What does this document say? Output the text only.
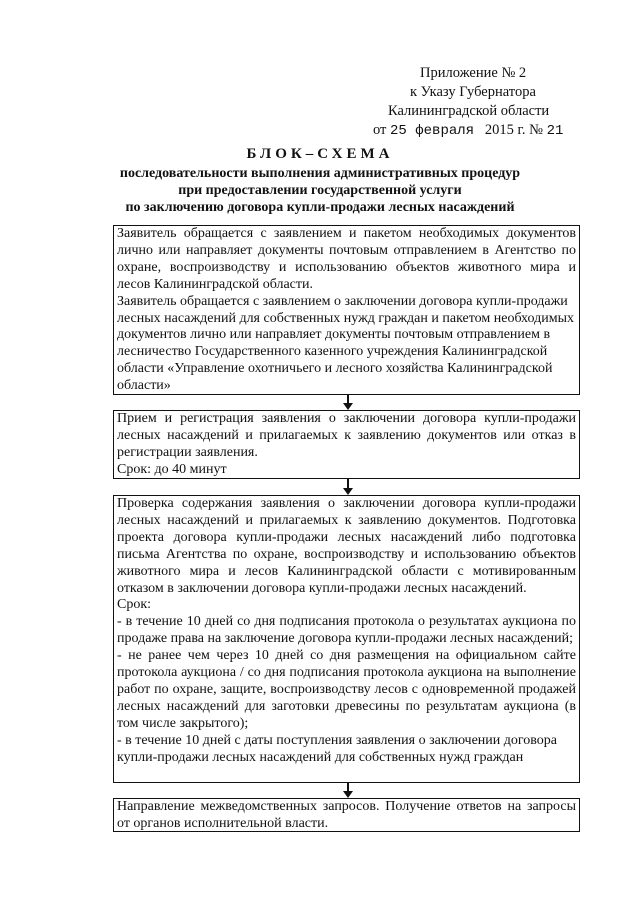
Приложение № 2
к Указу Губернатора
Калининградской области
от 25 февраля 2015 г. № 21
БЛОК–СХЕМА
последовательности выполнения административных процедур
при предоставлении государственной услуги
по заключению договора купли-продажи лесных насаждений

Заявитель обращается с заявлением и пакетом необходимых документов лично или направляет документы почтовым отправлением в Агентство по охране, воспроизводству и использованию объектов животного мира и лесов Калининградской области.

Заявитель обращается с заявлением о заключении договора купли-продажи лесных насаждений для собственных нужд граждан и пакетом необходимых документов лично или направляет документы почтовым отправлением в лесничество Государственного казенного учреждения Калининградской области «Управление охотничьего и лесного хозяйства Калининградской области»

Прием и регистрация заявления о заключении договора купли-продажи лесных насаждений и прилагаемых к заявлению документов или отказ в регистрации заявления.

Срок: до 40 минут

Проверка содержания заявления о заключении договора купли-продажи лесных насаждений и прилагаемых к заявлению документов. Подготовка проекта договора купли-продажи лесных насаждений либо подготовка письма Агентства по охране, воспроизводству и использованию объектов животного мира и лесов Калининградской области с мотивированным отказом в заключении договора купли-продажи лесных насаждений.

Срок:

- в течение 10 дней со дня подписания протокола о результатах аукциона по продаже права на заключение договора купли-продажи лесных насаждений;

- не ранее чем через 10 дней со дня размещения на официальном сайте протокола аукциона / со дня подписания протокола аукциона на выполнение работ по охране, защите, воспроизводству лесов с одновременной продажей лесных насаждений для заготовки древесины по результатам аукциона (в том числе закрытого);

- в течение 10 дней с даты поступления заявления о заключении договора купли-продажи лесных насаждений для собственных нужд граждан

Направление межведомственных запросов. Получение ответов на запросы от органов исполнительной власти.
